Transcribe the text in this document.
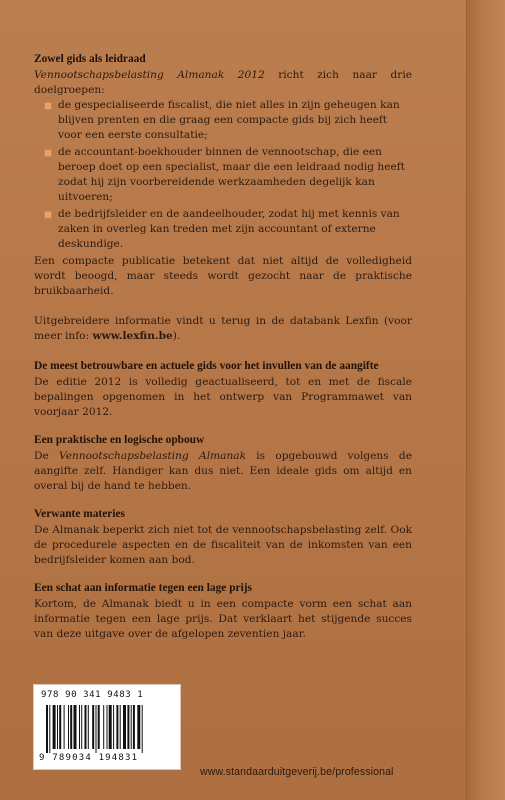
Zowel gids als leidraad

Vennootschapsbelasting Almanak 2012 richt zich naar drie doelgroepen:

de gespecialiseerde fiscalist, die niet alles in zijn geheugen kan blijven prenten en die graag een compacte gids bij zich heeft voor een eerste consultatie;
de accountant-boekhouder binnen de vennootschap, die een beroep doet op een specialist, maar die een leidraad nodig heeft zodat hij zijn voorbereidende werkzaamheden degelijk kan uitvoeren;
de bedrijfsleider en de aandeelhouder, zodat hij met kennis van zaken in overleg kan treden met zijn accountant of externe deskundige.

Een compacte publicatie betekent dat niet altijd de volledigheid wordt beoogd, maar steeds wordt gezocht naar de praktische bruikbaarheid.

Uitgebreidere informatie vindt u terug in de databank Lexfin (voor meer info: www.lexfin.be).

De meest betrouwbare en actuele gids voor het invullen van de aangifte

De editie 2012 is volledig geactualiseerd, tot en met de fiscale bepalingen opgenomen in het ontwerp van Programmawet van voorjaar 2012.

Een praktische en logische opbouw

De Vennootschapsbelasting Almanak is opgebouwd volgens de aangifte zelf. Handiger kan dus niet. Een ideale gids om altijd en overal bij de hand te hebben.

Verwante materies

De Almanak beperkt zich niet tot de vennootschapsbelasting zelf. Ook de procedurele aspecten en de fiscaliteit van de inkomsten van een bedrijfsleider komen aan bod.

Een schat aan informatie tegen een lage prijs

Kortom, de Almanak biedt u in een compacte vorm een schat aan informatie tegen een lage prijs. Dat verklaart het stijgende succes van deze uitgave over de afgelopen zeventien jaar.

978 90 341 9483 1
9 789034 194831
www.standaarduitgeverij.be/professional
